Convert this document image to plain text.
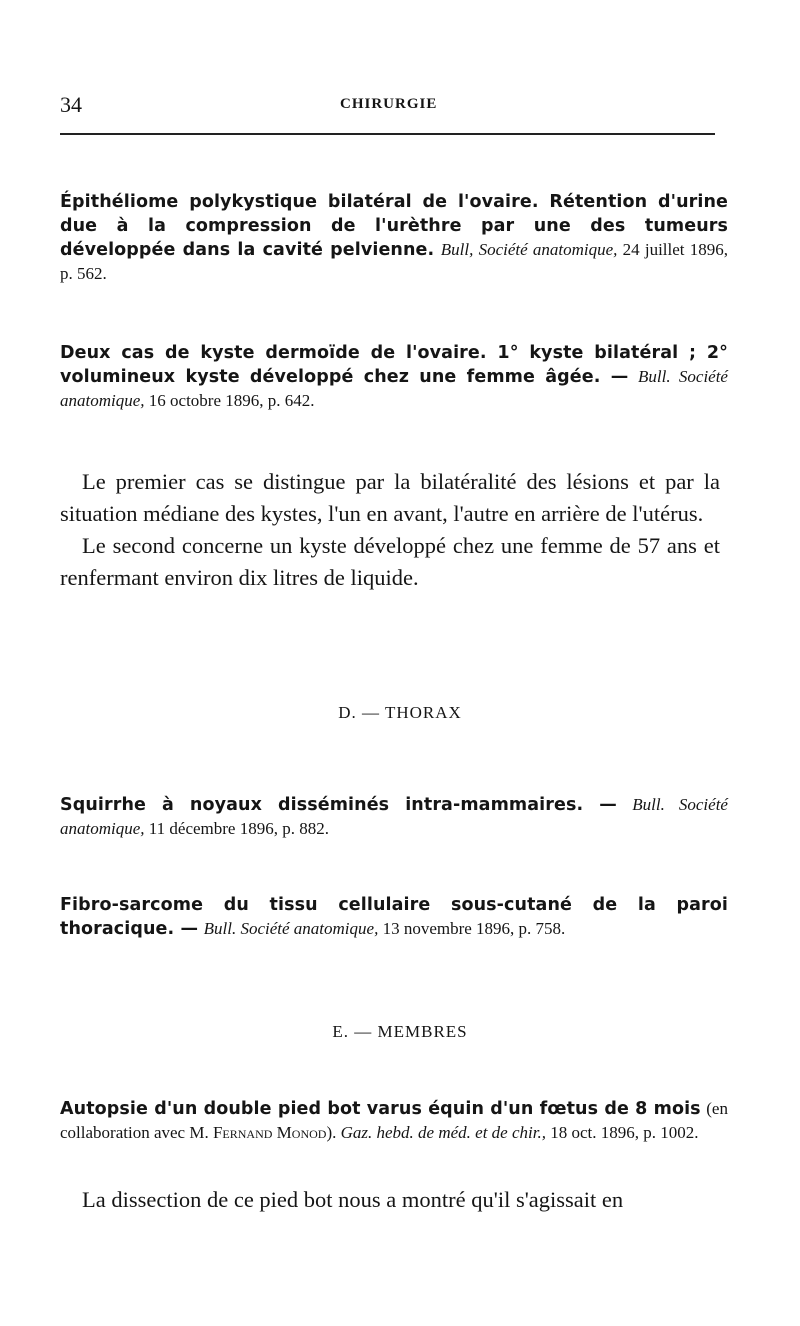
34	CHIRURGIE
Épithéliome polykystique bilatéral de l'ovaire. Rétention d'urine due à la compression de l'urèthre par une des tumeurs développée dans la cavité pelvienne. Bull, Société anatomique, 24 juillet 1896, p. 562.
Deux cas de kyste dermoïde de l'ovaire. 1° kyste bilatéral ; 2° volumineux kyste développé chez une femme âgée. — Bull. Société anatomique, 16 octobre 1896, p. 642.

Le premier cas se distingue par la bilatéralité des lésions et par la situation médiane des kystes, l'un en avant, l'autre en arrière de l'utérus.

Le second concerne un kyste développé chez une femme de 57 ans et renfermant environ dix litres de liquide.

D. — THORAX
Squirrhe à noyaux disséminés intra-mammaires. — Bull. Société anatomique, 11 décembre 1896, p. 882.
Fibro-sarcome du tissu cellulaire sous-cutané de la paroi thoracique. — Bull. Société anatomique, 13 novembre 1896, p. 758.
E. — MEMBRES
Autopsie d'un double pied bot varus équin d'un fœtus de 8 mois (en collaboration avec M. Fernand Monod). Gaz. hebd. de méd. et de chir., 18 oct. 1896, p. 1002.

La dissection de ce pied bot nous a montré qu'il s'agissait en
